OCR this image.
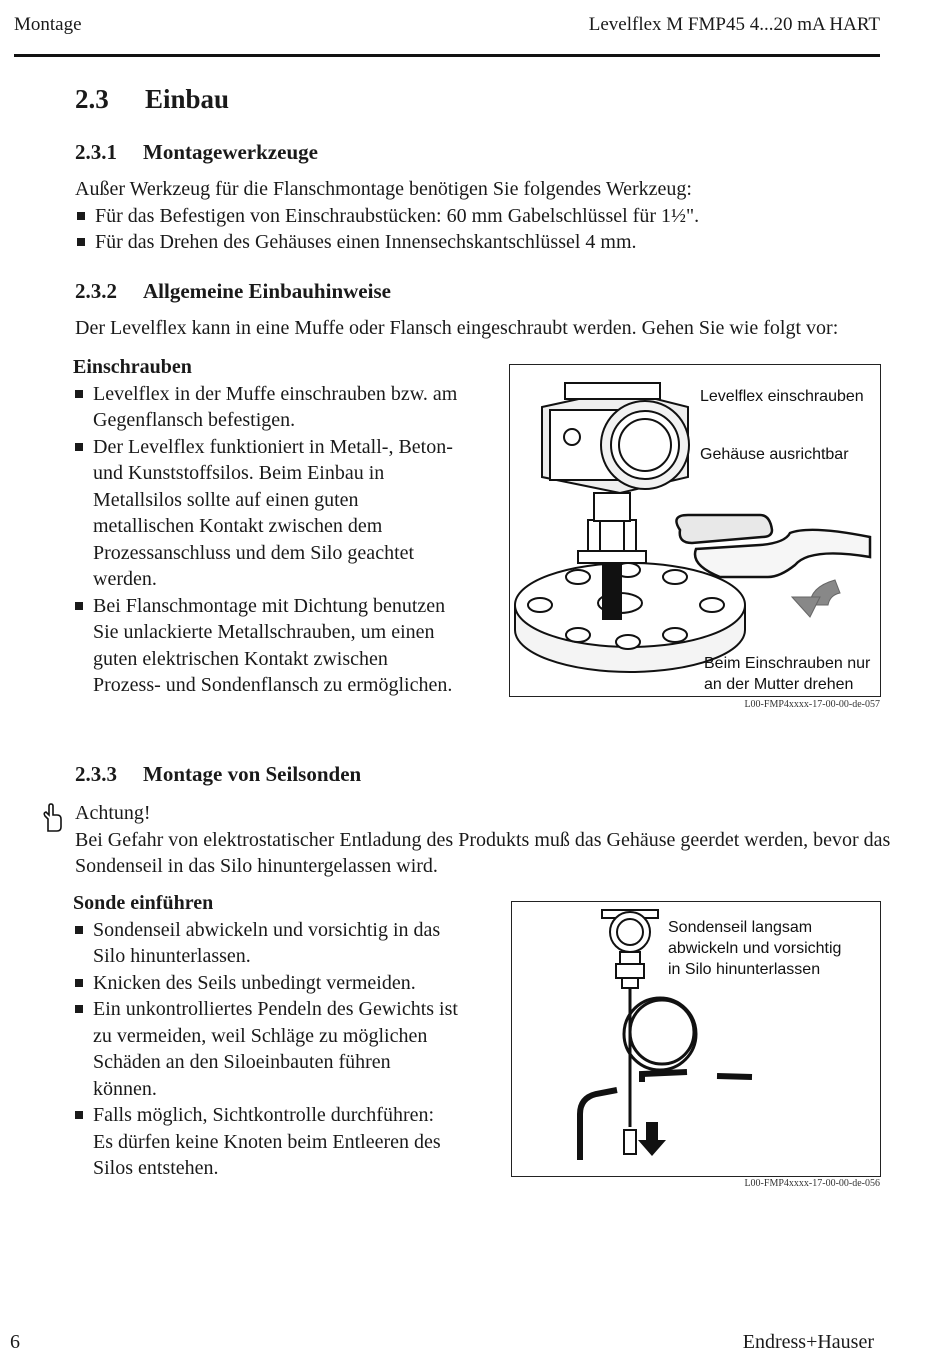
Montage	Levelflex M FMP45 4...20 mA HART
2.3 Einbau
2.3.1 Montagewerkzeuge
Außer Werkzeug für die Flanschmontage benötigen Sie folgendes Werkzeug:
Für das Befestigen von Einschraubstücken: 60 mm Gabelschlüssel für 1½".
Für das Drehen des Gehäuses einen Innensechskantschlüssel 4 mm.
2.3.2 Allgemeine Einbauhinweise
Der Levelflex kann in eine Muffe oder Flansch eingeschraubt werden. Gehen Sie wie folgt vor:
Einschrauben
Levelflex in der Muffe einschrauben bzw. am Gegenflansch befestigen.
Der Levelflex funktioniert in Metall-, Beton- und Kunststoffsilos. Beim Einbau in Metallsilos sollte auf einen guten metallischen Kontakt zwischen dem Prozessanschluss und dem Silo geachtet werden.
Bei Flanschmontage mit Dichtung benutzen Sie unlackierte Metallschrauben, um einen guten elektrischen Kontakt zwischen Prozess- und Sondenflansch zu ermöglichen.
Levelflex einschrauben
Gehäuse ausrichtbar
Beim Einschrauben nur
an der Mutter drehen
L00-FMP4xxxx-17-00-00-de-057
2.3.3 Montage von Seilsonden
Achtung!
Bei Gefahr von elektrostatischer Entladung des Produkts muß das Gehäuse geerdet werden, bevor das Sondenseil in das Silo hinuntergelassen wird.
Sonde einführen
Sondenseil abwickeln und vorsichtig in das Silo hinunterlassen.
Knicken des Seils unbedingt vermeiden.
Ein unkontrolliertes Pendeln des Gewichts ist zu vermeiden, weil Schläge zu möglichen Schäden an den Siloeinbauten führen können.
Falls möglich, Sichtkontrolle durchführen: Es dürfen keine Knoten beim Entleeren des Silos entstehen.
Sondenseil langsam
abwickeln und vorsichtig
in Silo hinunterlassen
L00-FMP4xxxx-17-00-00-de-056
6	Endress+Hauser
